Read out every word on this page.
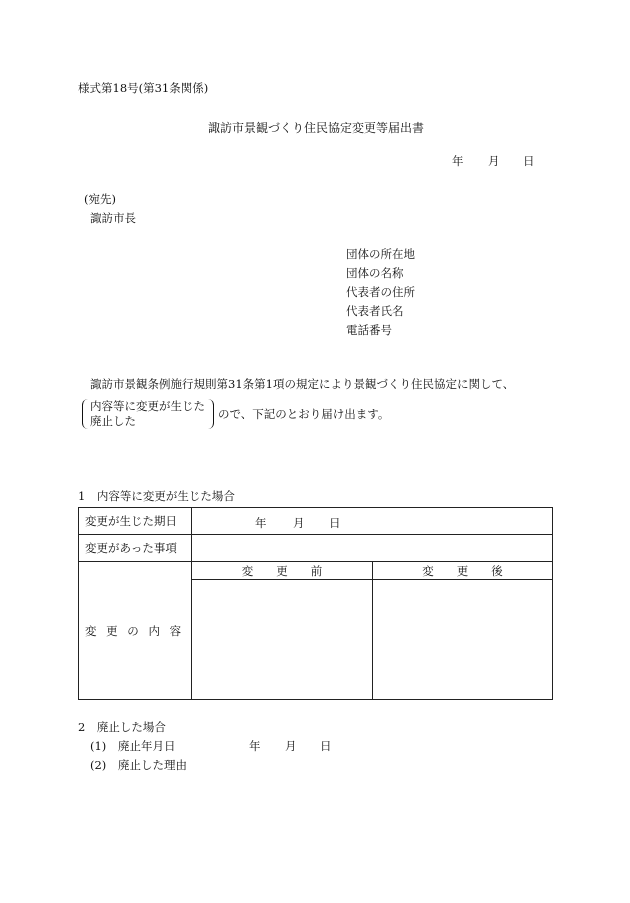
様式第18号(第31条関係)
諏訪市景観づくり住民協定変更等届出書
年 月 日
(宛先)
諏訪市長
団体の所在地
団体の名称
代表者の住所
代表者氏名
電話番号
諏訪市景観条例施行規則第31条第1項の規定により景観づくり住民協定に関して、
内容等に変更が生じた
廃止した	ので、下記のとおり届け出ます。
1　内容等に変更が生じた場合
変更が生じた期日	年 月 日	

変更があった事項		
変 更 の 内 容	変　　更　　前	変　　更　　後

2　廃止した場合
(1) 廃止年月日	年 月 日
(2) 廃止した理由
